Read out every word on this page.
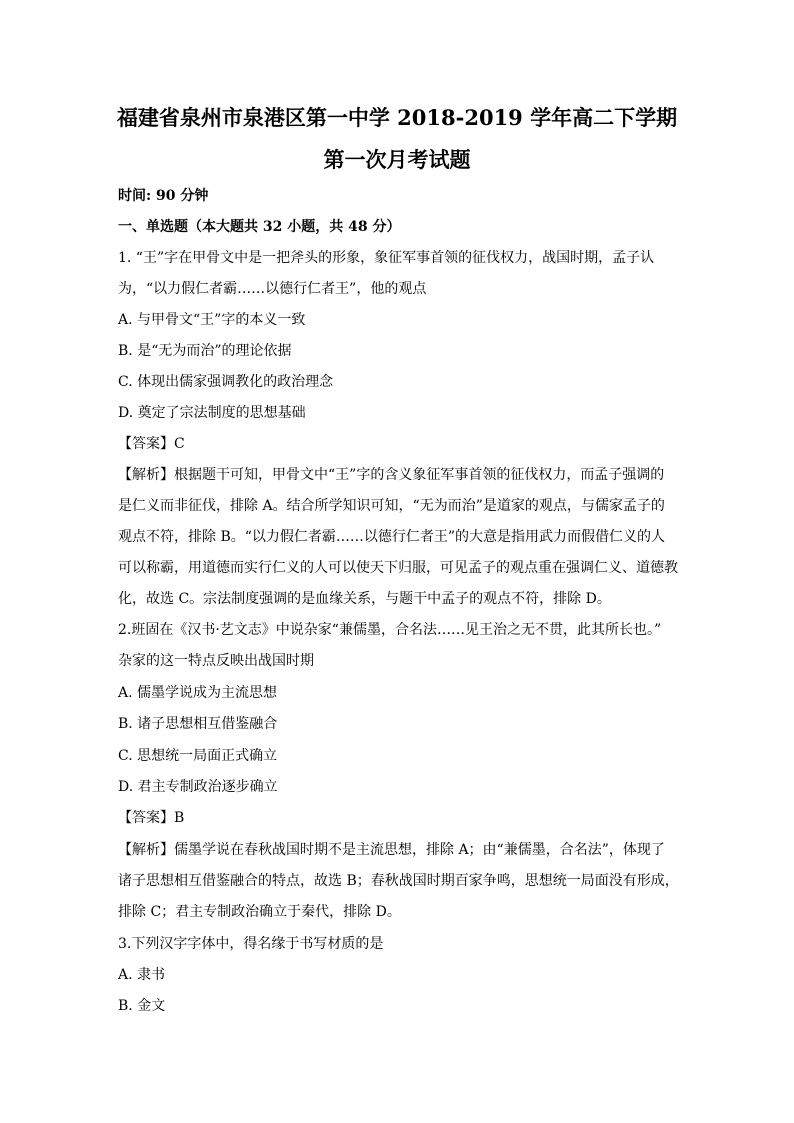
福建省泉州市泉港区第一中学 2018-2019 学年高二下学期
第一次月考试题
时间: 90 分钟
一、单选题（本大题共 32 小题，共 48 分）
1. “王”字在甲骨文中是一把斧头的形象，象征军事首领的征伐权力，战国时期，孟子认
为，“以力假仁者霸……以德行仁者王”，他的观点
A. 与甲骨文“王”字的本义一致
B. 是“无为而治”的理论依据
C. 体现出儒家强调教化的政治理念
D. 奠定了宗法制度的思想基础
【答案】C
【解析】根据题干可知，甲骨文中“王”字的含义象征军事首领的征伐权力，而孟子强调的
是仁义而非征伐，排除 A。结合所学知识可知，“无为而治”是道家的观点，与儒家孟子的
观点不符，排除 B。“以力假仁者霸……以德行仁者王”的大意是指用武力而假借仁义的人
可以称霸，用道德而实行仁义的人可以使天下归服，可见孟子的观点重在强调仁义、道德教
化，故选 C。宗法制度强调的是血缘关系，与题干中孟子的观点不符，排除 D。
2.班固在《汉书·艺文志》中说杂家“兼儒墨，合名法……见王治之无不贯，此其所长也。”
杂家的这一特点反映出战国时期
A. 儒墨学说成为主流思想
B. 诸子思想相互借鉴融合
C. 思想统一局面正式确立
D. 君主专制政治逐步确立
【答案】B
【解析】儒墨学说在春秋战国时期不是主流思想，排除 A；由“兼儒墨，合名法”，体现了
诸子思想相互借鉴融合的特点，故选 B；春秋战国时期百家争鸣，思想统一局面没有形成，
排除 C；君主专制政治确立于秦代，排除 D。
3.下列汉字字体中，得名缘于书写材质的是
A. 隶书
B. 金文
